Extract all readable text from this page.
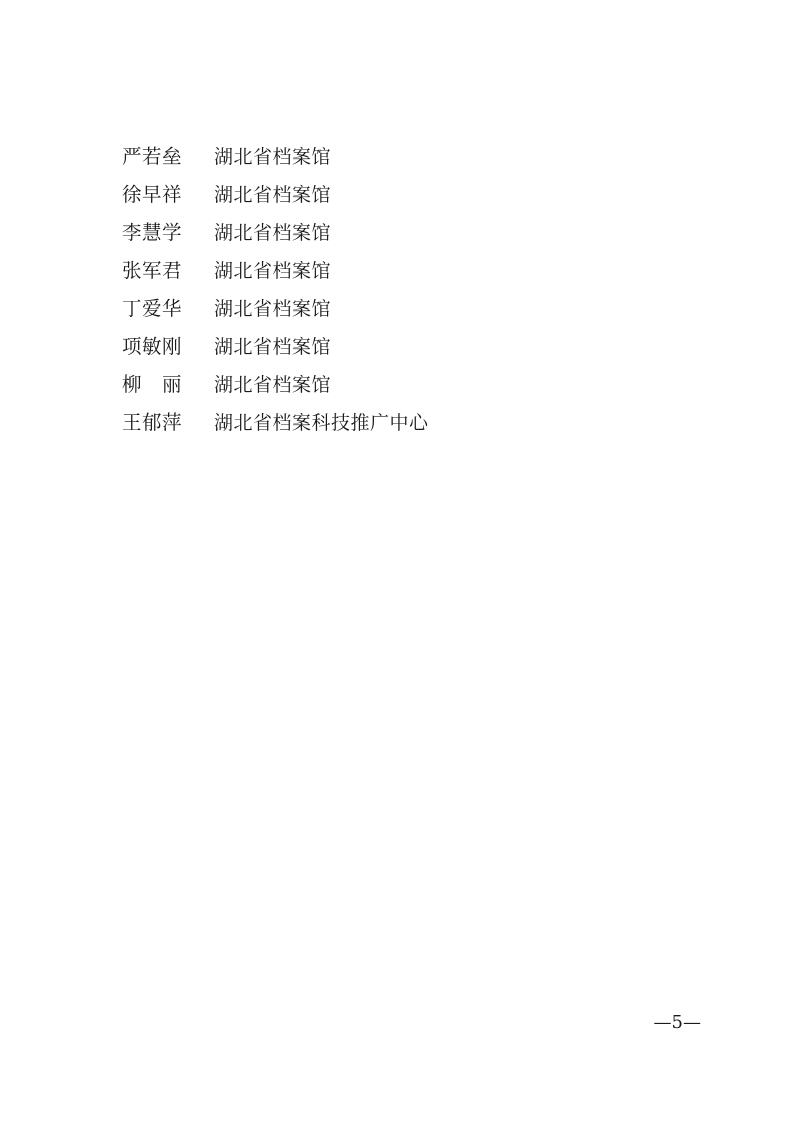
严若垒	湖北省档案馆
徐早祥	湖北省档案馆
李慧学	湖北省档案馆
张军君	湖北省档案馆
丁爱华	湖北省档案馆
项敏刚	湖北省档案馆
柳　丽	湖北省档案馆
王郁萍	湖北省档案科技推广中心
—5—
